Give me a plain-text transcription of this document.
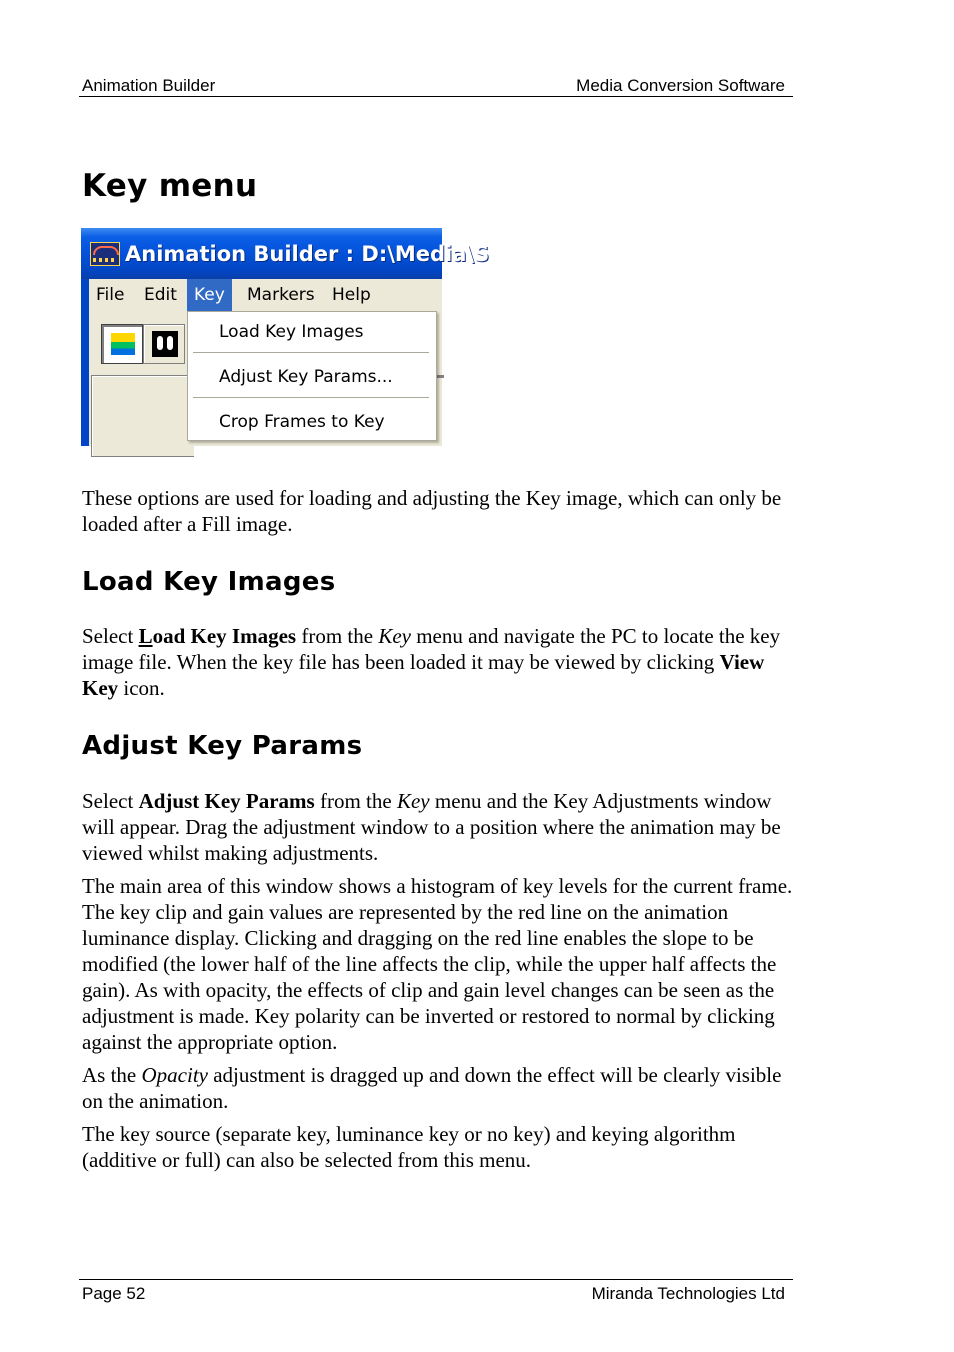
Animation Builder	Media Conversion Software
Key menu
Animation Builder : D:\Media\S
File	Edit	Key	Markers	Help
Load Key Images
Adjust Key Params...
Crop Frames to Key

These options are used for loading and adjusting the Key image, which can only be loaded after a Fill image.

Load Key Images

Select Load Key Images from the Key menu and navigate the PC to locate the key image file. When the key file has been loaded it may be viewed by clicking View Key icon.

Adjust Key Params

Select Adjust Key Params from the Key menu and the Key Adjustments window will appear. Drag the adjustment window to a position where the animation may be viewed whilst making adjustments.

The main area of this window shows a histogram of key levels for the current frame. The key clip and gain values are represented by the red line on the animation luminance display. Clicking and dragging on the red line enables the slope to be modified (the lower half of the line affects the clip, while the upper half affects the gain). As with opacity, the effects of clip and gain level changes can be seen as the adjustment is made. Key polarity can be inverted or restored to normal by clicking against the appropriate option.

As the Opacity adjustment is dragged up and down the effect will be clearly visible on the animation.

The key source (separate key, luminance key or no key) and keying algorithm (additive or full) can also be selected from this menu.

Page 52	Miranda Technologies Ltd
